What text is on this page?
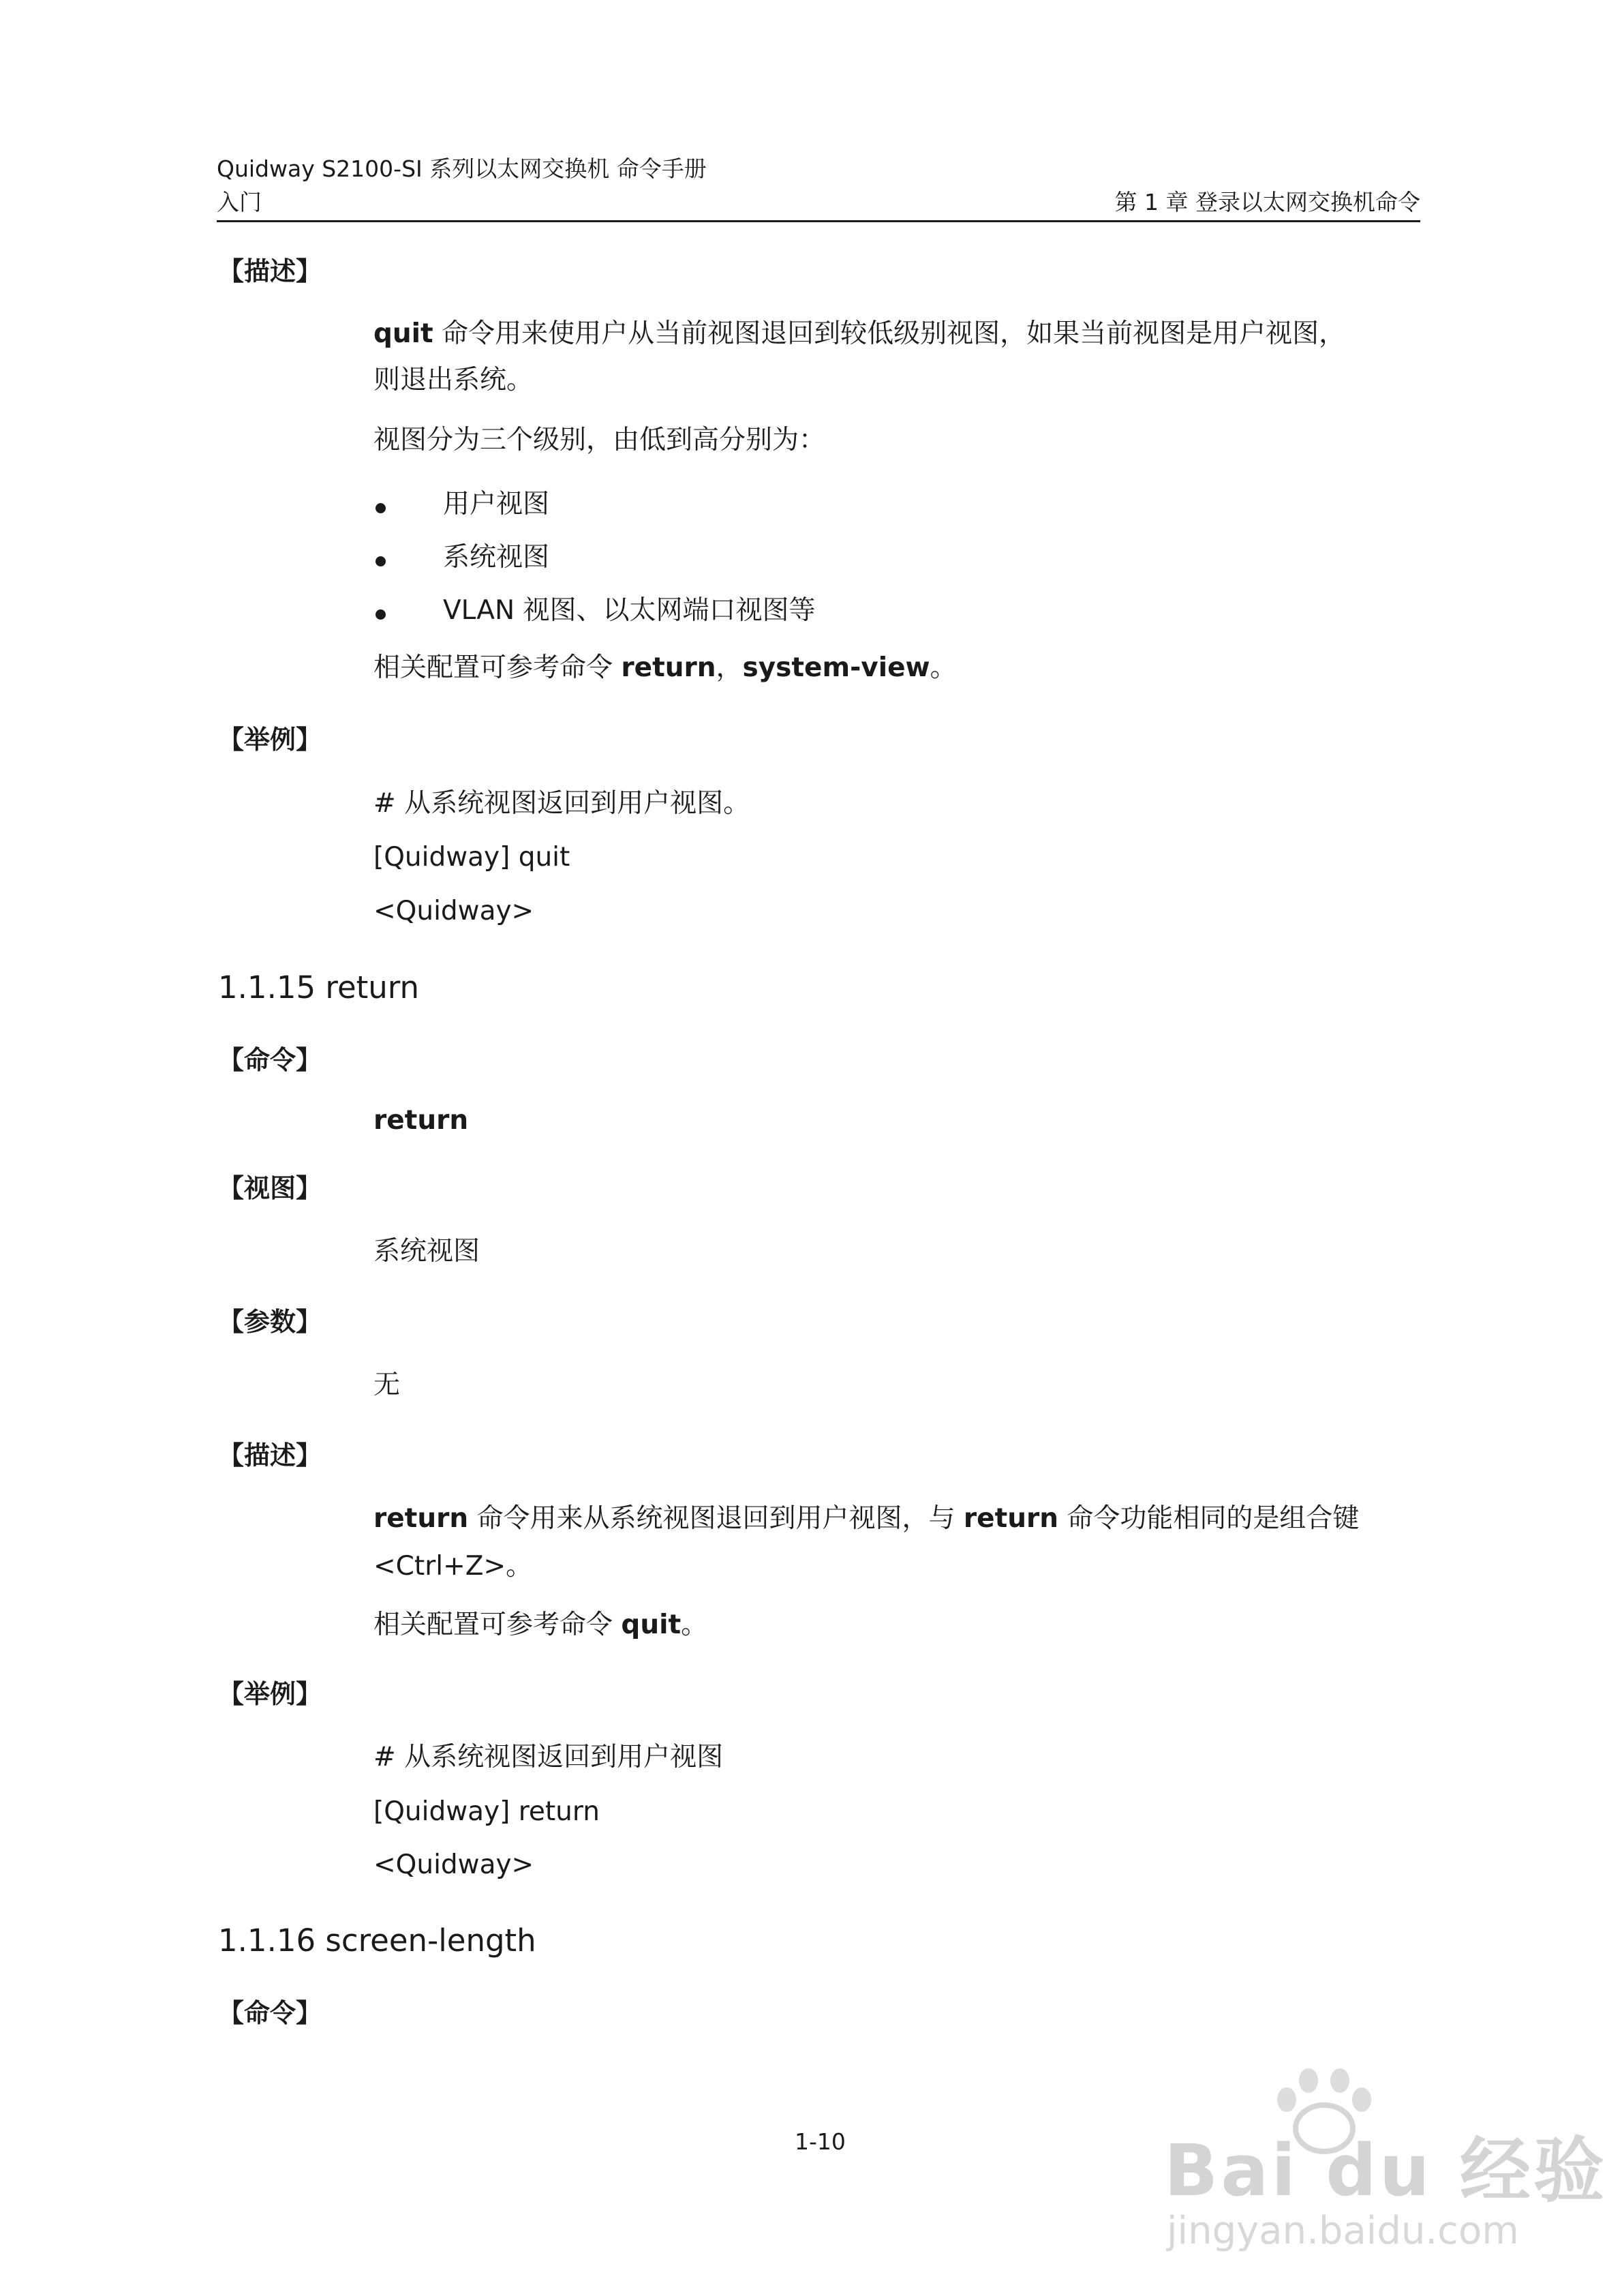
Quidway S2100-SI 系列以太网交换机 命令手册
入门	第 1 章 登录以太网交换机命令
【描述】
quit 命令用来使用户从当前视图退回到较低级别视图，如果当前视图是用户视图，
则退出系统。
视图分为三个级别，由低到高分别为：
用户视图
系统视图
VLAN 视图、以太网端口视图等
相关配置可参考命令 return，system-view。
【举例】
# 从系统视图返回到用户视图。
[Quidway] quit
<Quidway>
1.1.15 return
【命令】
return
【视图】
系统视图
【参数】
无
【描述】
return 命令用来从系统视图退回到用户视图，与 return 命令功能相同的是组合键
<Ctrl+Z>。
相关配置可参考命令 quit。
【举例】
# 从系统视图返回到用户视图
[Quidway] return
<Quidway>
1.1.16 screen-length
【命令】
1-10	Bai du 经验
jingyan.baidu.com
